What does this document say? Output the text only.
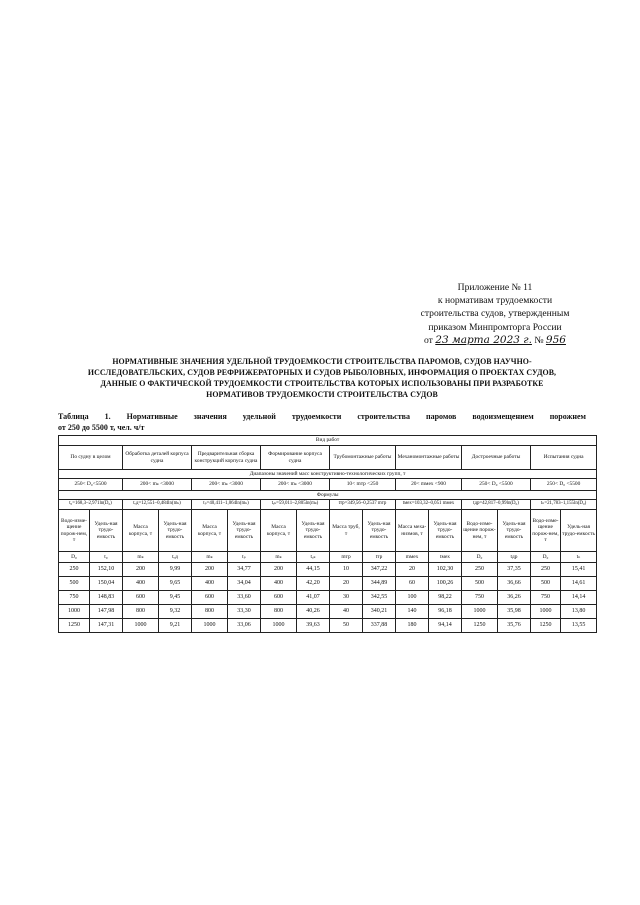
Приложение № 11
к нормативам трудоемкости
строительства судов, утвержденным
приказом Минпромторга России
от 23 марта 2023 г. № 956
НОРМАТИВНЫЕ ЗНАЧЕНИЯ УДЕЛЬНОЙ ТРУДОЕМКОСТИ СТРОИТЕЛЬСТВА ПАРОМОВ, СУДОВ НАУЧНО-
ИССЛЕДОВАТЕЛЬСКИХ, СУДОВ РЕФРИЖЕРАТОРНЫХ И СУДОВ РЫБОЛОВНЫХ, ИНФОРМАЦИЯ О ПРОЕКТАХ СУДОВ,
ДАННЫЕ О ФАКТИЧЕСКОЙ ТРУДОЕМКОСТИ СТРОИТЕЛЬСТВА КОТОРЫХ ИСПОЛЬЗОВАНЫ ПРИ РАЗРАБОТКЕ
НОРМАТИВОВ ТРУДОЕМКОСТИ СТРОИТЕЛЬСТВА СУДОВ
Таблица 1. Нормативные значения удельной трудоемкости строительства паромов водоизмещением порожнем
от 250 до 5500 т, чел. ч/т
Вид работ															
По судну в целом		Обработка деталей корпуса судна		Предварительная сборка конструкций корпуса судна		Формирование корпуса судна		Трубомонтажные работы		Механомонтажные работы		Достроечные работы		Испытания судна	
Диапазоны значений масс конструктивно-технологических групп, т															
250< D₀<5500		200< mₖ <3000		200< mₖ <3000		200< mₖ <3000		10< mтр <250		20< mмех <900		250< D₀ <5500		250< D₀ <5500	
Формулы															
t₀=168,3–2,971ln(D₀)		tₒд=12,551–0,484ln(mₖ)		tₚ=40,411–1,064ln(mₖ)		tₐₖ=59,011–2,805ln(mₖ)		tтр=349,56–0,2537 mтр		tмех=103,32–0,051 mмех		tдр=42,817–0,99ln(D₀)		tₙ=21,783–1,155ln(D₀)	
Водо-изме-щение порож-нем, т	Удель-ная трудо-емкость	Масса корпуса, т	Удель-ная трудо-емкость	Масса корпуса, т	Удель-ная трудо-емкость	Масса корпуса, т	Удель-ная трудо-емкость	Масса труб, т	Удель-ная трудо-емкость	Масса меха-низмов, т	Удель-ная трудо-емкость	Водо-изме-щение порож-нем, т	Удель-ная трудо-емкость	Водо-изме-щение порож-нем, т	Удель-ная трудо-емкость
D₀	t₀	mₖ	tₒд	mₖ	tₚ	mₖ	tₐₖ	mтр	tтр	mмех	tмех	D₀	tдр	D₀	tₙ
250	152,10	200	9,99	200	34,77	200	44,15	10	347,22	20	102,30	250	37,35	250	15,41
500	150,04	400	9,65	400	34,04	400	42,20	20	344,89	60	100,26	500	36,66	500	14,61
750	148,83	600	9,45	600	33,60	600	41,07	30	342,55	100	98,22	750	36,26	750	14,14
1000	147,98	800	9,32	800	33,30	800	40,26	40	340,21	140	96,18	1000	35,98	1000	13,80
1250	147,31	1000	9,21	1000	33,06	1000	39,63	50	337,88	180	94,14	1250	35,76	1250	13,55
